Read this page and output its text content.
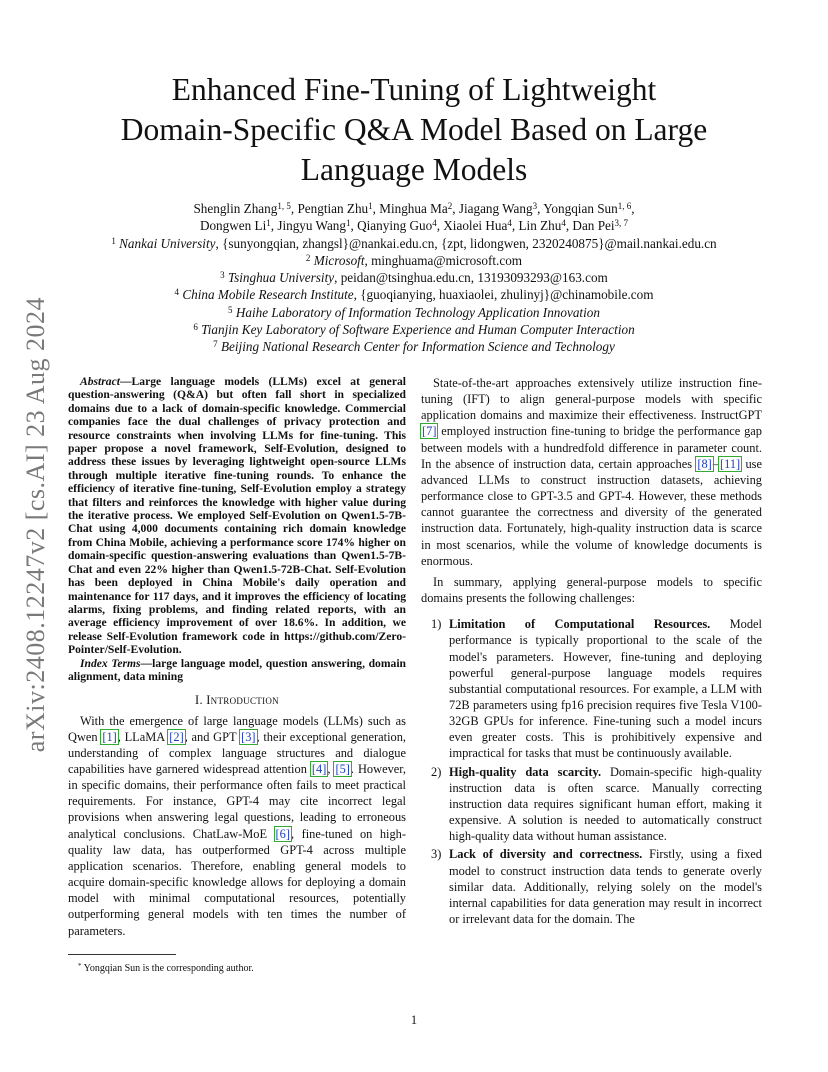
arXiv:2408.12247v2 [cs.AI] 23 Aug 2024
Enhanced Fine-Tuning of Lightweight
Domain-Specific Q&A Model Based on Large
Language Models
Shenglin Zhang$^{1, 5}$, Pengtian Zhu$^1$, Minghua Ma$^2$, Jiagang Wang$^3$, Yongqian Sun$^{1, 6}$,
Dongwen Li$^1$, Jingyu Wang$^1$, Qianying Guo$^4$, Xiaolei Hua$^4$, Lin Zhu$^4$, Dan Pei$^{3, 7}$
$^1$ Nankai University, {sunyongqian, zhangsl}@nankai.edu.cn, {zpt, lidongwen, 2320240875}@mail.nankai.edu.cn
$^2$ Microsoft, minghuama@microsoft.com
$^3$ Tsinghua University, peidan@tsinghua.edu.cn, 13193093293@163.com
$^4$ China Mobile Research Institute, {guoqianying, huaxiaolei, zhulinyj}@chinamobile.com
$^5$ Haihe Laboratory of Information Technology Application Innovation
$^6$ Tianjin Key Laboratory of Software Experience and Human Computer Interaction
$^7$ Beijing National Research Center for Information Science and Technology

Abstract—Large language models (LLMs) excel at general question-answering (Q&A) but often fall short in specialized domains due to a lack of domain-specific knowledge. Commercial companies face the dual challenges of privacy protection and resource constraints when involving LLMs for fine-tuning. This paper propose a novel framework, Self-Evolution, designed to address these issues by leveraging lightweight open-source LLMs through multiple iterative fine-tuning rounds. To enhance the efficiency of iterative fine-tuning, Self-Evolution employ a strategy that filters and reinforces the knowledge with higher value during the iterative process. We employed Self-Evolution on Qwen1.5-7B-Chat using 4,000 documents containing rich domain knowledge from China Mobile, achieving a performance score 174% higher on domain-specific question-answering evaluations than Qwen1.5-7B-Chat and even 22% higher than Qwen1.5-72B-Chat. Self-Evolution has been deployed in China Mobile's daily operation and maintenance for 117 days, and it improves the efficiency of locating alarms, fixing problems, and finding related reports, with an average efficiency improvement of over 18.6%. In addition, we release Self-Evolution framework code in https://github.com/Zero-Pointer/Self-Evolution.

Index Terms—large language model, question answering, domain alignment, data mining

I. Introduction

With the emergence of large language models (LLMs) such as Qwen [1], LLaMA [2], and GPT [3], their exceptional generation, understanding of complex language structures and dialogue capabilities have garnered widespread attention [4], [5]. However, in specific domains, their performance often fails to meet practical requirements. For instance, GPT-4 may cite incorrect legal provisions when answering legal questions, leading to erroneous analytical conclusions. ChatLaw-MoE [6], fine-tuned on high-quality law data, has outperformed GPT-4 across multiple application scenarios. Therefore, enabling general models to acquire domain-specific knowledge allows for deploying a domain model with minimal computational resources, potentially outperforming general models with ten times the number of parameters.

* Yongqian Sun is the corresponding author.

State-of-the-art approaches extensively utilize instruction fine-tuning (IFT) to align general-purpose models with specific application domains and maximize their effectiveness. InstructGPT [7] employed instruction fine-tuning to bridge the performance gap between models with a hundredfold difference in parameter count. In the absence of instruction data, certain approaches [8]–[11] use advanced LLMs to construct instruction datasets, achieving performance close to GPT-3.5 and GPT-4. However, these methods cannot guarantee the correctness and diversity of the generated instruction data. Fortunately, high-quality instruction data is scarce in most scenarios, while the volume of knowledge documents is enormous.

In summary, applying general-purpose models to specific domains presents the following challenges:

1) Limitation of Computational Resources. Model performance is typically proportional to the scale of the model's parameters. However, fine-tuning and deploying powerful general-purpose language models requires substantial computational resources. For example, a LLM with 72B parameters using fp16 precision requires five Tesla V100-32GB GPUs for inference. Fine-tuning such a model incurs even greater costs. This is prohibitively expensive and impractical for tasks that must be continuously available.
2) High-quality data scarcity. Domain-specific high-quality instruction data is often scarce. Manually correcting instruction data requires significant human effort, making it expensive. A solution is needed to automatically construct high-quality data without human assistance.
3) Lack of diversity and correctness. Firstly, using a fixed model to construct instruction data tends to generate overly similar data. Additionally, relying solely on the model's internal capabilities for data generation may result in incorrect or irrelevant data for the domain. The
1
